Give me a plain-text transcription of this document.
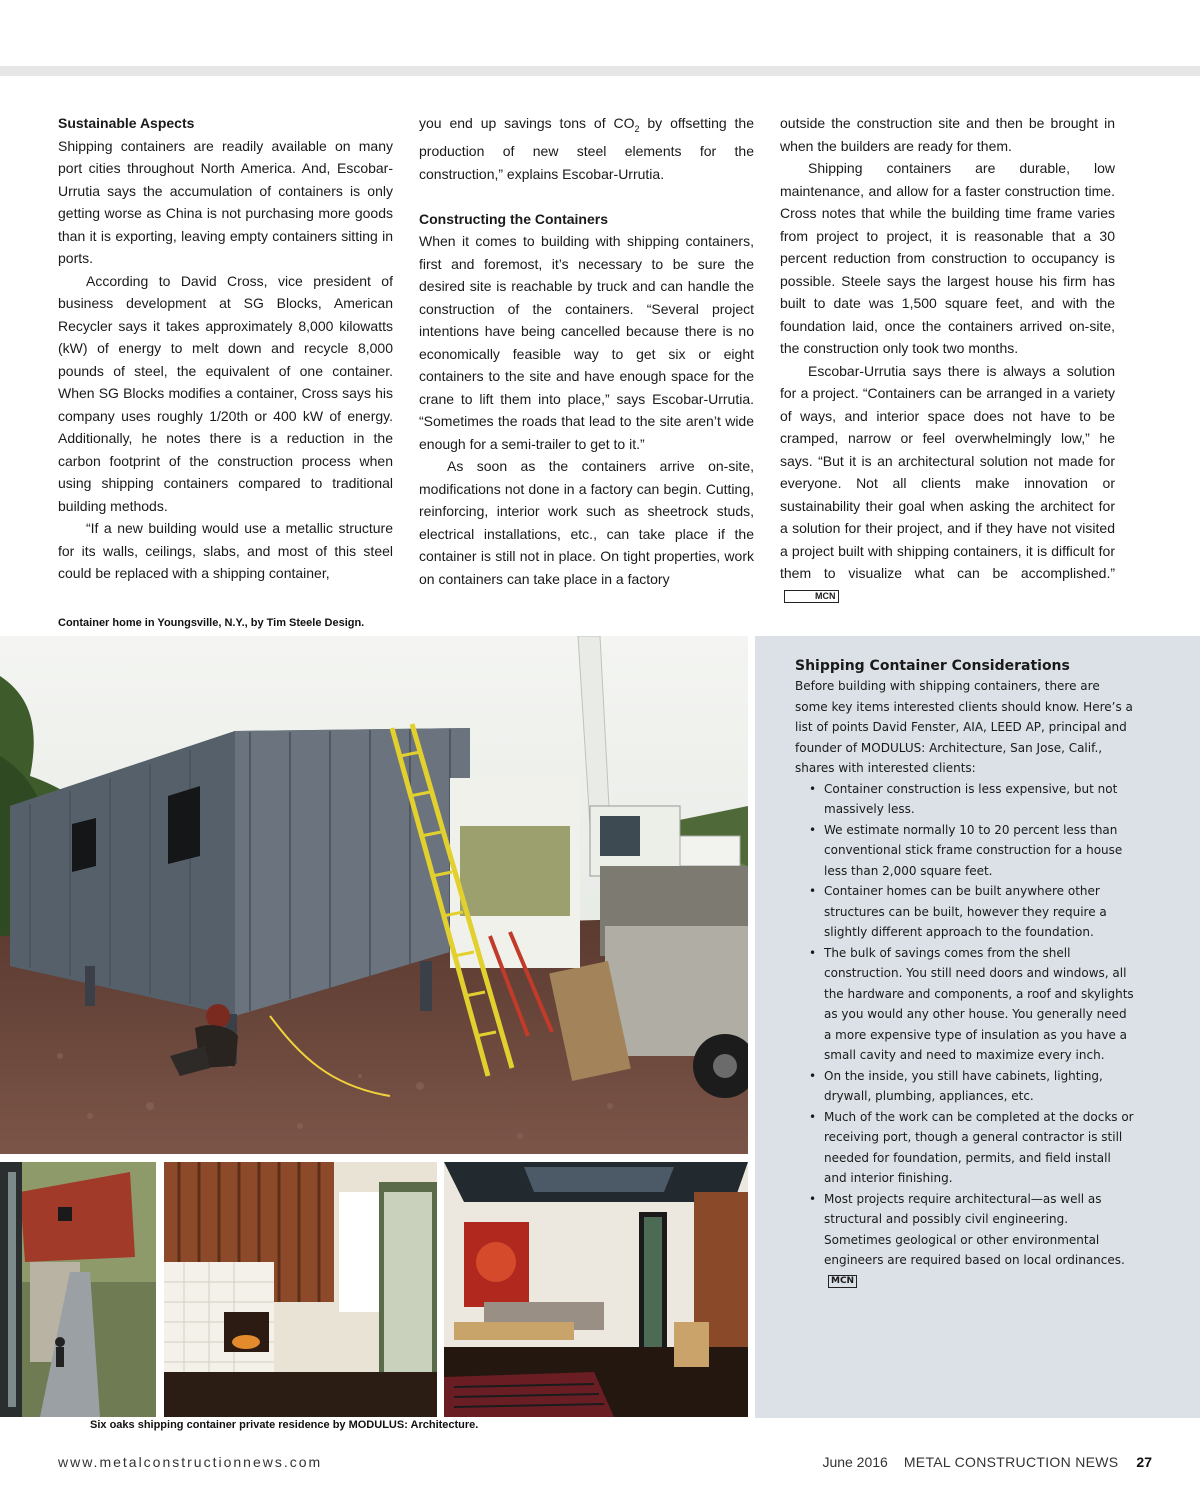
Sustainable Aspects

Shipping containers are readily available on many port cities throughout North America. And, Escobar-Urrutia says the accumulation of containers is only getting worse as China is not purchasing more goods than it is exporting, leaving empty containers sitting in ports.

According to David Cross, vice president of business development at SG Blocks, American Recycler says it takes approximately 8,000 kilowatts (kW) of energy to melt down and recycle 8,000 pounds of steel, the equivalent of one container. When SG Blocks modifies a container, Cross says his company uses roughly 1/20th or 400 kW of energy. Additionally, he notes there is a reduction in the carbon footprint of the construction process when using shipping containers compared to traditional building methods.

“If a new building would use a metallic structure for its walls, ceilings, slabs, and most of this steel could be replaced with a shipping container,

you end up savings tons of $CO_2$ by offsetting the production of new steel elements for the construction,” explains Escobar-Urrutia.

Constructing the Containers

When it comes to building with shipping containers, first and foremost, it’s necessary to be sure the desired site is reachable by truck and can handle the construction of the containers. “Several project intentions have being cancelled because there is no economically feasible way to get six or eight containers to the site and have enough space for the crane to lift them into place,” says Escobar-Urrutia. “Sometimes the roads that lead to the site aren’t wide enough for a semi-trailer to get to it.”

As soon as the containers arrive on-site, modifications not done in a factory can begin. Cutting, reinforcing, interior work such as sheetrock studs, electrical installations, etc., can take place if the container is still not in place. On tight properties, work on containers can take place in a factory

outside the construction site and then be brought in when the builders are ready for them.

Shipping containers are durable, low maintenance, and allow for a faster construction time. Cross notes that while the building time frame varies from project to project, it is reasonable that a 30 percent reduction from construction to occupancy is possible. Steele says the largest house his firm has built to date was 1,500 square feet, and with the foundation laid, once the containers arrived on-site, the construction only took two months.

Escobar-Urrutia says there is always a solution for a project. “Containers can be arranged in a variety of ways, and interior space does not have to be cramped, narrow or feel overwhelmingly low,” he says. “But it is an architectural solution not made for everyone. Not all clients make innovation or sustainability their goal when asking the architect for a solution for their project, and if they have not visited a project built with shipping containers, it is difficult for them to visualize what can be accomplished.”MCN

Container home in Youngsville, N.Y., by Tim Steele Design.
Shipping Container Considerations

Before building with shipping containers, there are some key items interested clients should know. Here’s a list of points David Fenster, AIA, LEED AP, principal and founder of MODULUS: Architecture, San Jose, Calif., shares with interested clients:

• Container construction is less expensive, but not massively less.
• We estimate normally 10 to 20 percent less than conventional stick frame construction for a house less than 2,000 square feet.
• Container homes can be built anywhere other structures can be built, however they require a slightly different approach to the foundation.
• The bulk of savings comes from the shell construction. You still need doors and windows, all the hardware and components, a roof and skylights as you would any other house. You generally need a more expensive type of insulation as you have a small cavity and need to maximize every inch.
• On the inside, you still have cabinets, lighting, drywall, plumbing, appliances, etc.
• Much of the work can be completed at the docks or receiving port, though a general contractor is still needed for foundation, permits, and field install and interior finishing.
• Most projects require architectural—as well as structural and possibly civil engineering. Sometimes geological or other environmental engineers are required based on local ordinances.MCN
Six oaks shipping container private residence by MODULUS: Architecture.
www.metalconstructionnews.com	June 2016 METAL CONSTRUCTION NEWS 27
